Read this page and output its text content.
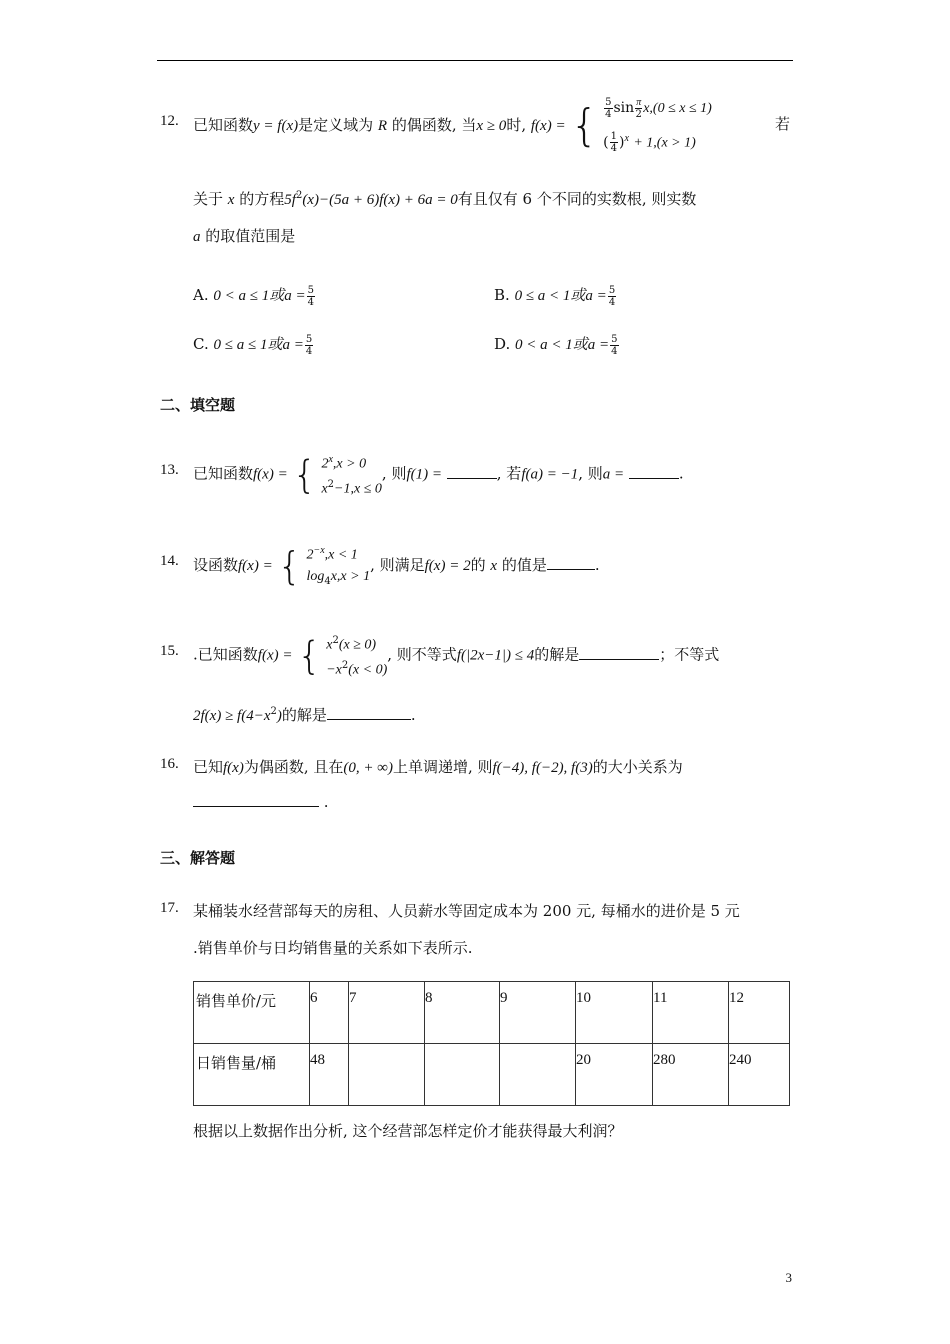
12. 已知函数y = f(x)是定义域为 R 的偶函数, 当x ≥ 0时, f(x) = { $\frac{5}{4}$ $\sin \frac{\pi}{2} x,(0 \le x \le 1)$
( $\frac{1}{4} )^x + 1,(x > 1)$
若
关于 x 的方程$5f^2(x)-(5a + 6)f(x) + 6a = 0$有且仅有 6 个不同的实数根, 则实数
a 的取值范围是
A. 0 < a ≤ 1或$a = \frac{5}{4}$	B. 0 ≤ a < 1或$a = \frac{5}{4}$
C. 0 ≤ a ≤ 1或$a = \frac{5}{4}$	D. 0 < a < 1或$a = \frac{5}{4}$
二、填空题
13. 已知函数f(x) = { $2^x,x > 0$
$x^2-1,x \le 0$
, 则f(1) =	, 若f(a) = −1, 则a =	.
14. 设函数f(x) = { $2^{-x},x < 1$
$\log_4x,x > 1$
, 则满足f(x) = 2的 x 的值是	.
15. .已知函数f(x) = { $x^2(x \ge 0)$
$-x^2(x < 0)$
, 则不等式f(|2x−1|) ≤ 4的解是	；不等式
$2f(x) \ge f(4-x^2)$的解是	.
16. 已知f(x)为偶函数, 且在(0, + ∞)上单调递增, 则f(−4), f(−2), f(3)的大小关系为
.
三、解答题
17. 某桶装水经营部每天的房租、人员薪水等固定成本为 200 元, 每桶水的进价是 5 元
.销售单价与日均销售量的关系如下表所示.
销售单价/元	6	7	8	9	10	11	12
日销售量/桶	48				20	280	240
根据以上数据作出分析, 这个经营部怎样定价才能获得最大利润？
3
